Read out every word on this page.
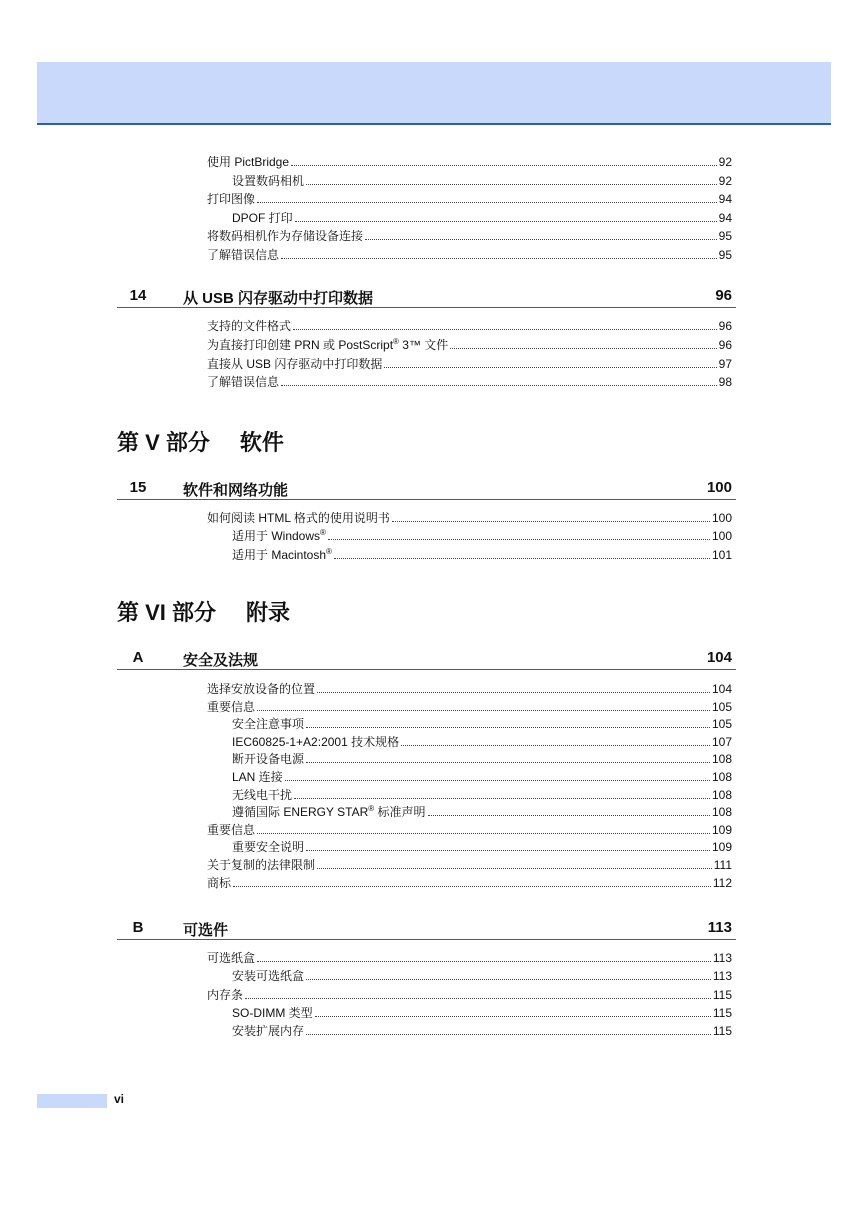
使用 PictBridge	92
设置数码相机	92
打印图像	94
DPOF 打印	94
将数码相机作为存储设备连接	95
了解错误信息	95
14	从 USB 闪存驱动中打印数据	96
支持的文件格式	96
为直接打印创建 PRN 或 PostScript® 3™ 文件	96
直接从 USB 闪存驱动中打印数据	97
了解错误信息	98
第 V 部分 软件
15	软件和网络功能	100
如何阅读 HTML 格式的使用说明书	100
适用于 Windows®	100
适用于 Macintosh®	101
第 VI 部分 附录
A	安全及法规	104
选择安放设备的位置	104
重要信息	105
安全注意事项	105
IEC60825-1+A2:2001 技术规格	107
断开设备电源	108
LAN 连接	108
无线电干扰	108
遵循国际 ENERGY STAR® 标准声明	108
重要信息	109
重要安全说明	109
关于复制的法律限制	111
商标	112
B	可选件	113
可选纸盒	113
安装可选纸盒	113
内存条	115
SO-DIMM 类型	115
安装扩展内存	115
vi
